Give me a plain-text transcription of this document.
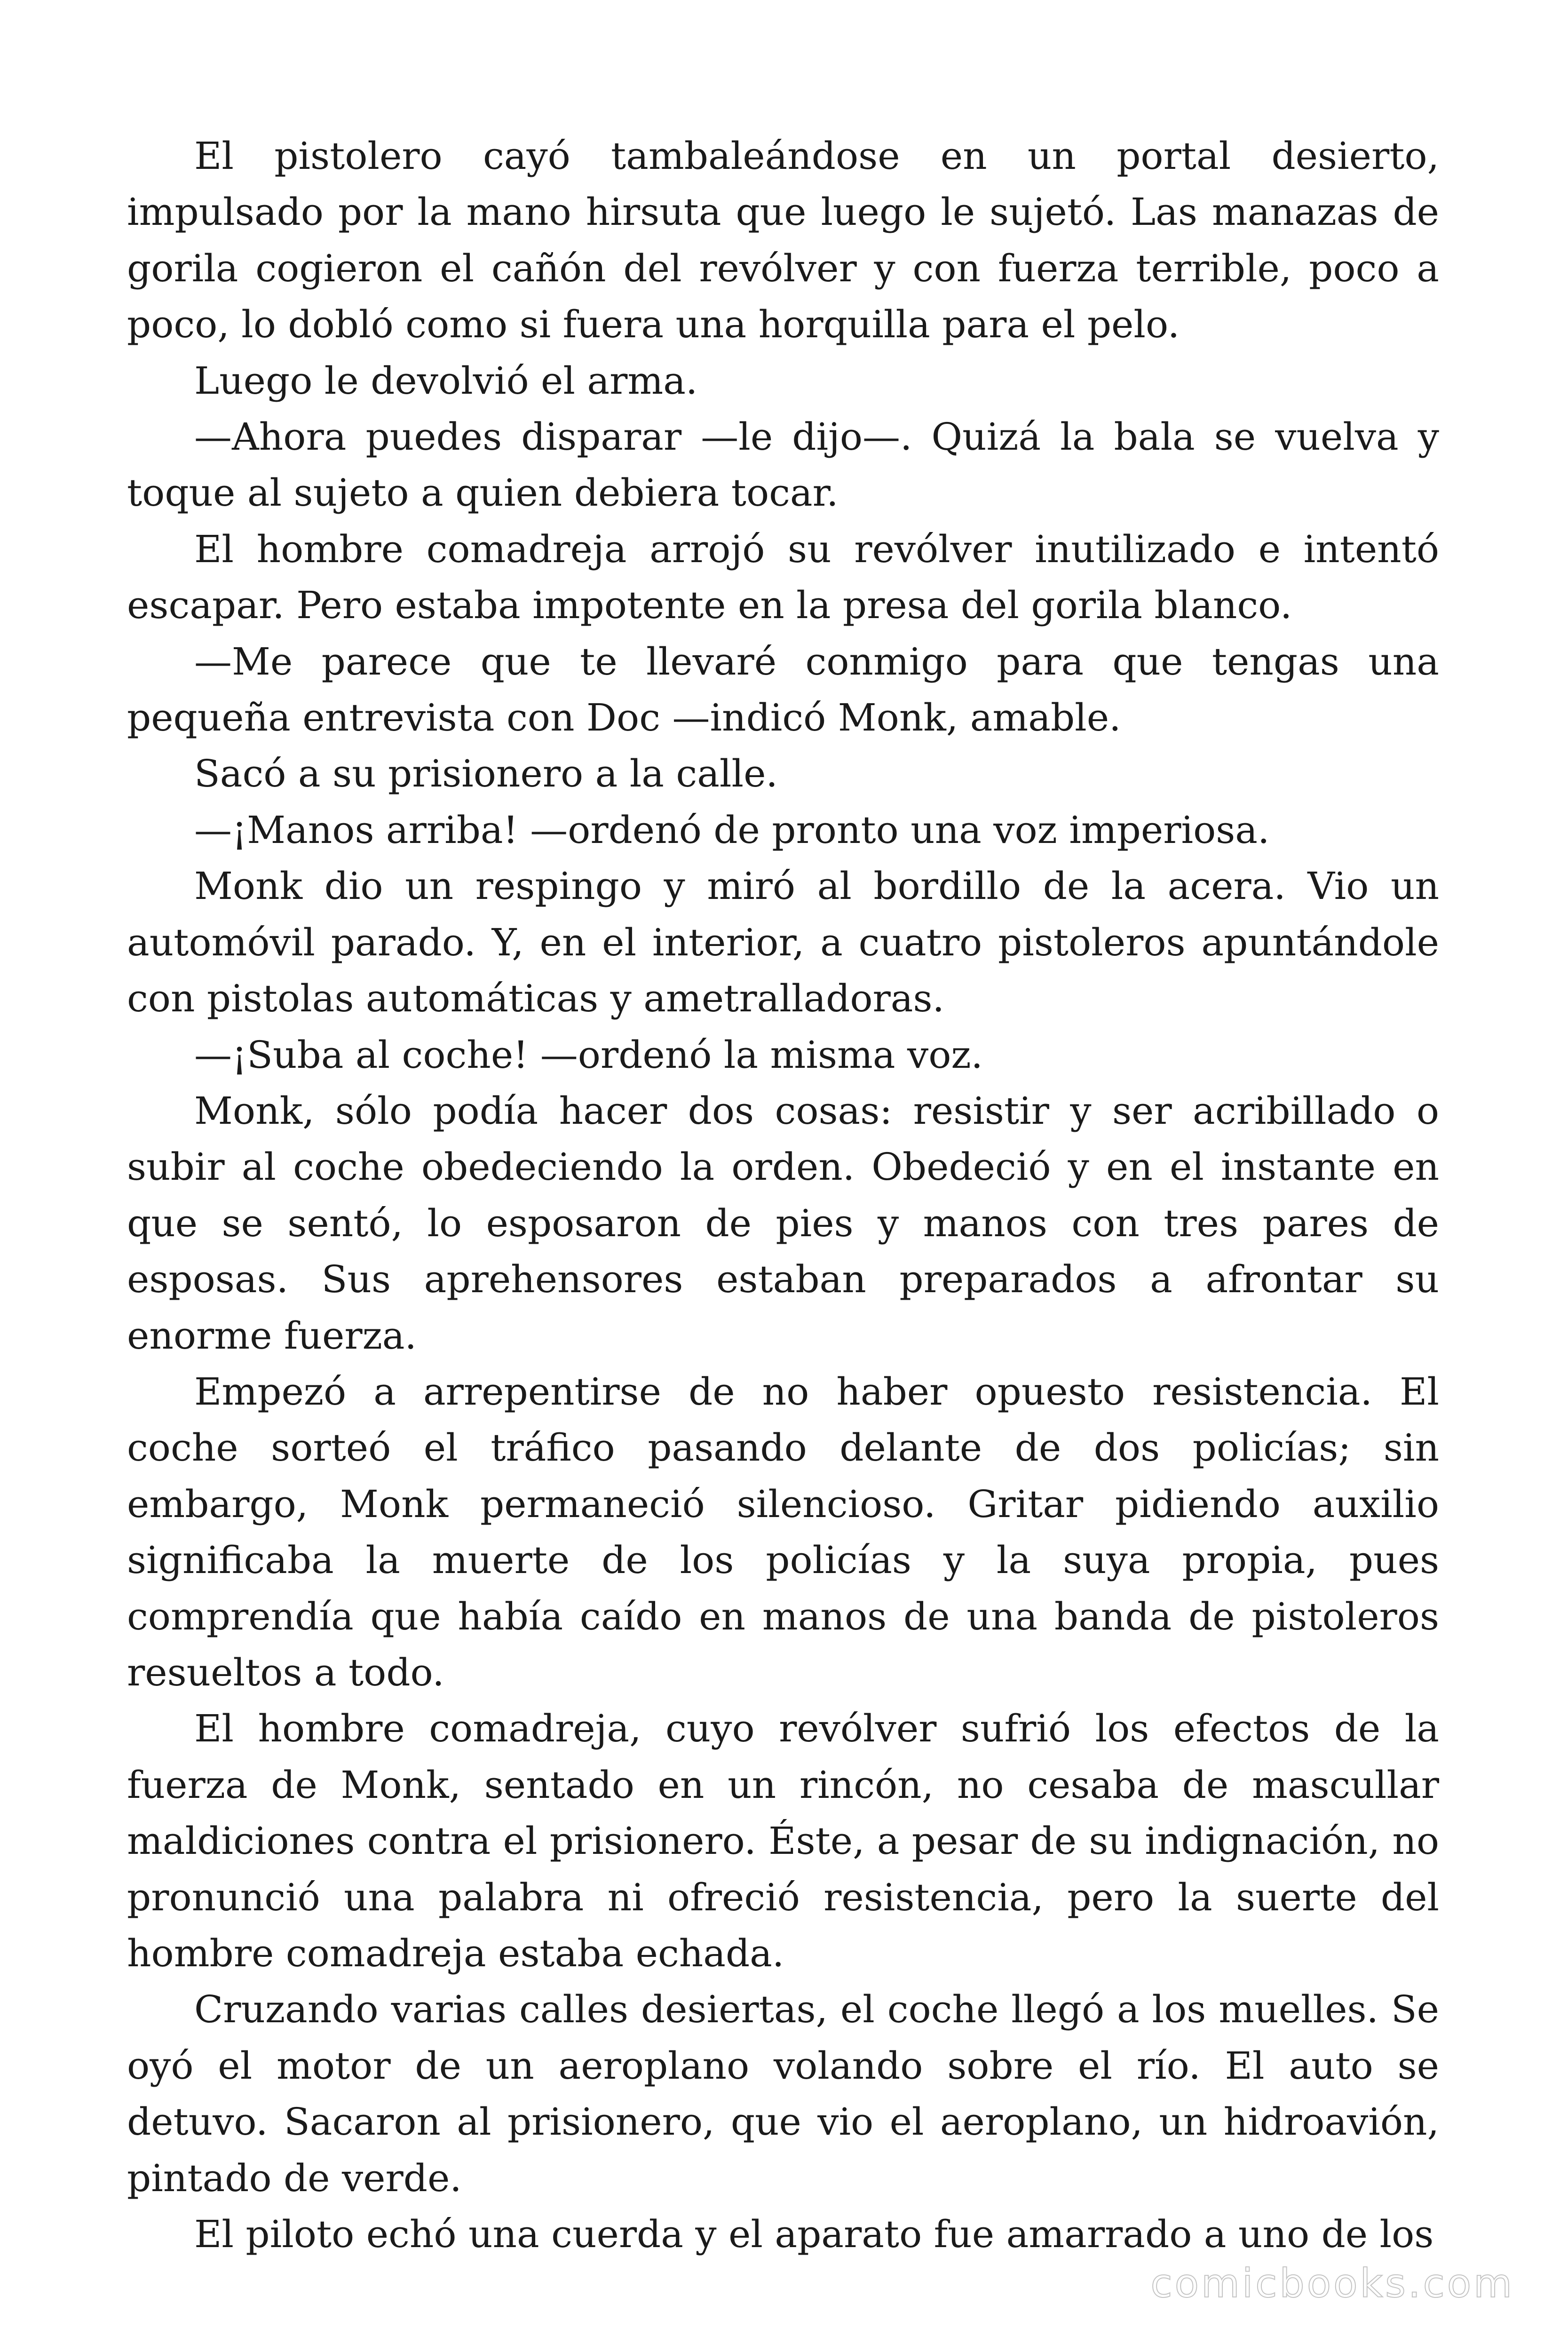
El pistolero cayó tambaleándose en un portal desierto, impulsado por la mano hirsuta que luego le sujetó. Las manazas de gorila cogieron el cañón del revólver y con fuerza terrible, poco a poco, lo dobló como si fuera una horquilla para el pelo.

Luego le devolvió el arma.

—Ahora puedes disparar —le dijo—. Quizá la bala se vuelva y toque al sujeto a quien debiera tocar.

El hombre comadreja arrojó su revólver inutilizado e intentó escapar. Pero estaba impotente en la presa del gorila blanco.

—Me parece que te llevaré conmigo para que tengas una pequeña entrevista con Doc —indicó Monk, amable.

Sacó a su prisionero a la calle.

—¡Manos arriba! —ordenó de pronto una voz imperiosa.

Monk dio un respingo y miró al bordillo de la acera. Vio un automóvil parado. Y, en el interior, a cuatro pistoleros apuntándole con pistolas automáticas y ametralladoras.

—¡Suba al coche! —ordenó la misma voz.

Monk, sólo podía hacer dos cosas: resistir y ser acribillado o subir al coche obedeciendo la orden. Obedeció y en el instante en que se sentó, lo esposaron de pies y manos con tres pares de esposas. Sus aprehensores estaban preparados a afrontar su enorme fuerza.

Empezó a arrepentirse de no haber opuesto resistencia. El coche sorteó el tráfico pasando delante de dos policías; sin embargo, Monk permaneció silencioso. Gritar pidiendo auxilio significaba la muerte de los policías y la suya propia, pues comprendía que había caído en manos de una banda de pistoleros resueltos a todo.

El hombre comadreja, cuyo revólver sufrió los efectos de la fuerza de Monk, sentado en un rincón, no cesaba de mascullar maldiciones contra el prisionero. Éste, a pesar de su indignación, no pronunció una palabra ni ofreció resistencia, pero la suerte del hombre comadreja estaba echada.

Cruzando varias calles desiertas, el coche llegó a los muelles. Se oyó el motor de un aeroplano volando sobre el río. El auto se detuvo. Sacaron al prisionero, que vio el aeroplano, un hidroavión, pintado de verde.

El piloto echó una cuerda y el aparato fue amarrado a uno de los

comicbooks.com
